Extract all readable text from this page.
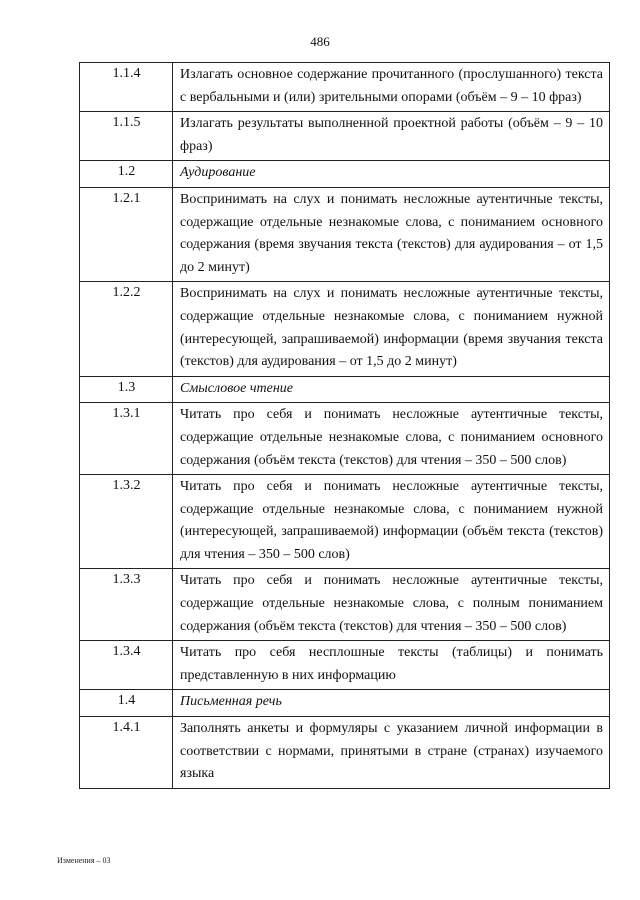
486
1.1.4	Излагать основное содержание прочитанного (прослушанного) текста с вербальными и (или) зрительными опорами (объём – 9 – 10 фраз)
1.1.5	Излагать результаты выполненной проектной работы (объём – 9 – 10 фраз)
1.2	Аудирование
1.2.1	Воспринимать на слух и понимать несложные аутентичные тексты, содержащие отдельные незнакомые слова, с пониманием основного содержания (время звучания текста (текстов) для аудирования – от 1,5 до 2 минут)
1.2.2	Воспринимать на слух и понимать несложные аутентичные тексты, содержащие отдельные незнакомые слова, с пониманием нужной (интересующей, запрашиваемой) информации (время звучания текста (текстов) для аудирования – от 1,5 до 2 минут)
1.3	Смысловое чтение
1.3.1	Читать про себя и понимать несложные аутентичные тексты, содержащие отдельные незнакомые слова, с пониманием основного содержания (объём текста (текстов) для чтения – 350 – 500 слов)
1.3.2	Читать про себя и понимать несложные аутентичные тексты, содержащие отдельные незнакомые слова, с пониманием нужной (интересующей, запрашиваемой) информации (объём текста (текстов) для чтения – 350 – 500 слов)
1.3.3	Читать про себя и понимать несложные аутентичные тексты, содержащие отдельные незнакомые слова, с полным пониманием содержания (объём текста (текстов) для чтения – 350 – 500 слов)
1.3.4	Читать про себя несплошные тексты (таблицы) и понимать представленную в них информацию
1.4	Письменная речь
1.4.1	Заполнять анкеты и формуляры с указанием личной информации в соответствии с нормами, принятыми в стране (странах) изучаемого языка
Изменения – 03
